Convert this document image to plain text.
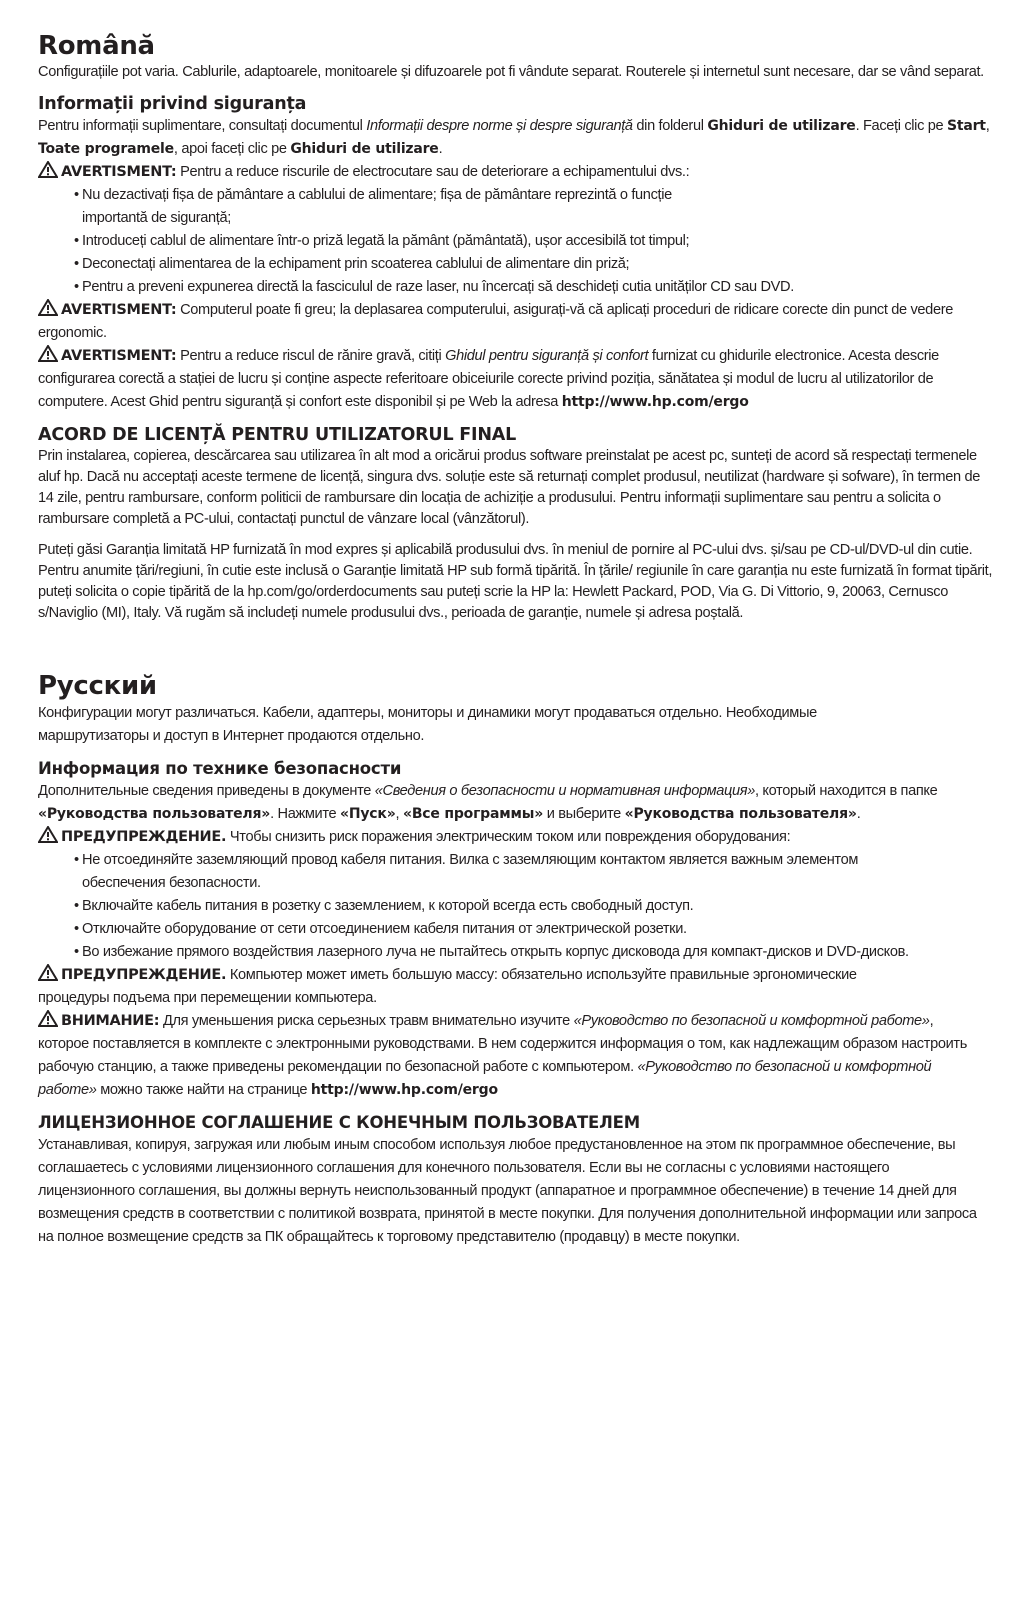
Română

Configurațiile pot varia. Cablurile, adaptoarele, monitoarele și difuzoarele pot fi vândute separat. Routerele și internetul sunt necesare, dar se vând separat.

Informații privind siguranța

Pentru informații suplimentare, consultați documentul Informații despre norme și despre siguranță din folderul Ghiduri de utilizare. Faceți clic pe Start, Toate programele, apoi faceți clic pe Ghiduri de utilizare.

AVERTISMENT: Pentru a reduce riscurile de electrocutare sau de deteriorare a echipamentului dvs.:

• Nu dezactivați fișa de pământare a cablului de alimentare; fișa de pământare reprezintă o funcție importantă de siguranță;
• Introduceți cablul de alimentare într-o priză legată la pământ (pământată), ușor accesibilă tot timpul;
• Deconectați alimentarea de la echipament prin scoaterea cablului de alimentare din priză;
• Pentru a preveni expunerea directă la fasciculul de raze laser, nu încercați să deschideți cutia unităților CD sau DVD.

AVERTISMENT: Computerul poate fi greu; la deplasarea computerului, asigurați-vă că aplicați proceduri de ridicare corecte din punct de vedere ergonomic.

AVERTISMENT: Pentru a reduce riscul de rănire gravă, citiți Ghidul pentru siguranță și confort furnizat cu ghidurile electronice. Acesta descrie configurarea corectă a stației de lucru și conține aspecte referitoare obiceiurile corecte privind poziția, sănătatea și modul de lucru al utilizatorilor de computere. Acest Ghid pentru siguranță și confort este disponibil și pe Web la adresa http://www.hp.com/ergo

ACORD DE LICENȚĂ PENTRU UTILIZATORUL FINAL

Prin instalarea, copierea, descărcarea sau utilizarea în alt mod a oricărui produs software preinstalat pe acest pc, sunteți de acord să respectați termenele aluf hp. Dacă nu acceptați aceste termene de licență, singura dvs. soluție este să returnați complet produsul, neutilizat (hardware și sofware), în termen de 14 zile, pentru rambursare, conform politicii de rambursare din locația de achiziție a produsului. Pentru informații suplimentare sau pentru a solicita o rambursare completă a PC-ului, contactați punctul de vânzare local (vânzătorul).

Puteți găsi Garanția limitată HP furnizată în mod expres și aplicabilă produsului dvs. în meniul de pornire al PC-ului dvs. și/sau pe CD-ul/DVD-ul din cutie. Pentru anumite țări/regiuni, în cutie este inclusă o Garanție limitată HP sub formă tipărită. În țările/ regiunile în care garanția nu este furnizată în format tipărit, puteți solicita o copie tipărită de la hp.com/go/orderdocuments sau puteți scrie la HP la: Hewlett Packard, POD, Via G. Di Vittorio, 9, 20063, Cernusco s/Naviglio (MI), Italy. Vă rugăm să includeți numele produsului dvs., perioada de garanție, numele și adresa poștală.

Русский

Конфигурации могут различаться. Кабели, адаптеры, мониторы и динамики могут продаваться отдельно. Необходимые маршрутизаторы и доступ в Интернет продаются отдельно.

Информация по технике безопасности

Дополнительные сведения приведены в документе «Сведения о безопасности и нормативная информация», который находится в папке «Руководства пользователя». Нажмите «Пуск», «Все программы» и выберите «Руководства пользователя».

ПРЕДУПРЕЖДЕНИЕ. Чтобы снизить риск поражения электрическим током или повреждения оборудования:

• Не отсоединяйте заземляющий провод кабеля питания. Вилка с заземляющим контактом является важным элементом обеспечения безопасности.
• Включайте кабель питания в розетку с заземлением, к которой всегда есть свободный доступ.
• Отключайте оборудование от сети отсоединением кабеля питания от электрической розетки.
• Во избежание прямого воздействия лазерного луча не пытайтесь открыть корпус дисковода для компакт-дисков и DVD-дисков.

ПРЕДУПРЕЖДЕНИЕ. Компьютер может иметь большую массу: обязательно используйте правильные эргономические процедуры подъема при перемещении компьютера.

ВНИМАНИЕ: Для уменьшения риска серьезных травм внимательно изучите «Руководство по безопасной и комфортной работе», которое поставляется в комплекте с электронными руководствами. В нем содержится информация о том, как надлежащим образом настроить рабочую станцию, а также приведены рекомендации по безопасной работе с компьютером. «Руководство по безопасной и комфортной работе» можно также найти на странице http://www.hp.com/ergo

ЛИЦЕНЗИОННОЕ СОГЛАШЕНИЕ С КОНЕЧНЫМ ПОЛЬЗОВАТЕЛЕМ

Устанавливая, копируя, загружая или любым иным способом используя любое предустановленное на этом пк программное обеспечение, вы соглашаетесь с условиями лицензионного соглашения для конечного пользователя. Если вы не согласны с условиями настоящего лицензионного соглашения, вы должны вернуть неиспользованный продукт (аппаратное и программное обеспечение) в течение 14 дней для возмещения средств в соответствии с политикой возврата, принятой в месте покупки. Для получения дополнительной информации или запроса на полное возмещение средств за ПК обращайтесь к торговому представителю (продавцу) в месте покупки.
